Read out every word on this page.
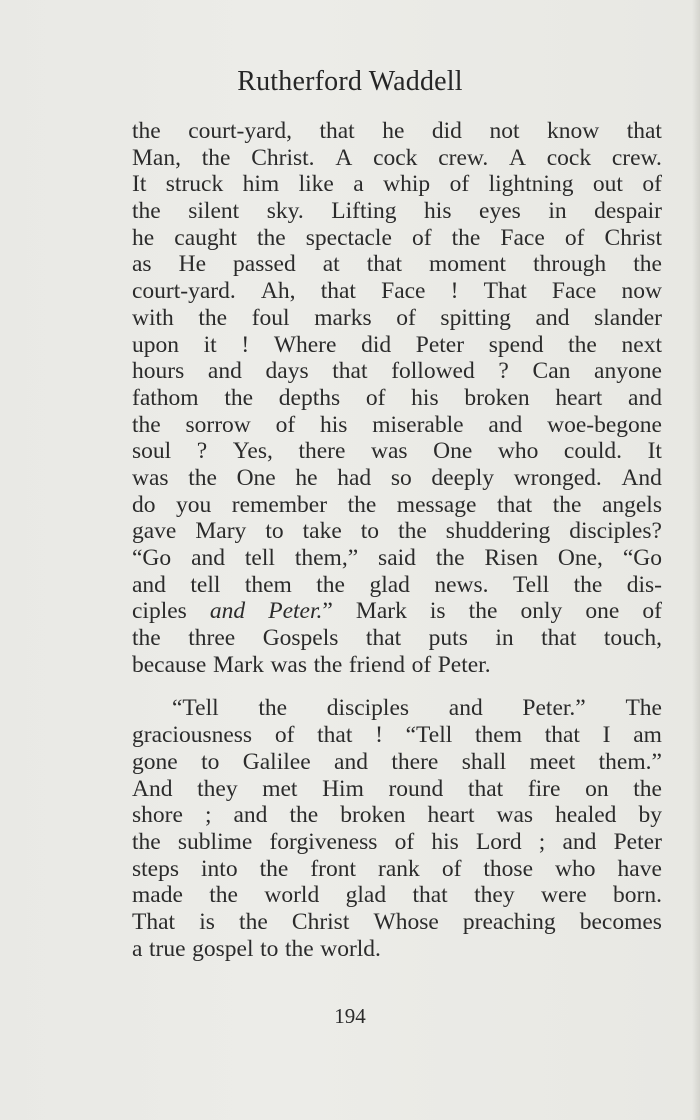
Rutherford Waddell
the court-yard, that he did not know that
Man, the Christ. A cock crew. A cock crew.
It struck him like a whip of lightning out of
the silent sky. Lifting his eyes in despair
he caught the spectacle of the Face of Christ
as He passed at that moment through the
court-yard. Ah, that Face ! That Face now
with the foul marks of spitting and slander
upon it ! Where did Peter spend the next
hours and days that followed ? Can anyone
fathom the depths of his broken heart and
the sorrow of his miserable and woe-begone
soul ? Yes, there was One who could. It
was the One he had so deeply wronged. And
do you remember the message that the angels
gave Mary to take to the shuddering disciples?
“Go and tell them,” said the Risen One, “Go
and tell them the glad news. Tell the dis-
ciples and Peter.” Mark is the only one of
the three Gospels that puts in that touch,
because Mark was the friend of Peter.
“Tell the disciples and Peter.” The
graciousness of that ! “Tell them that I am
gone to Galilee and there shall meet them.”
And they met Him round that fire on the
shore ; and the broken heart was healed by
the sublime forgiveness of his Lord ; and Peter
steps into the front rank of those who have
made the world glad that they were born.
That is the Christ Whose preaching becomes
a true gospel to the world.
194
